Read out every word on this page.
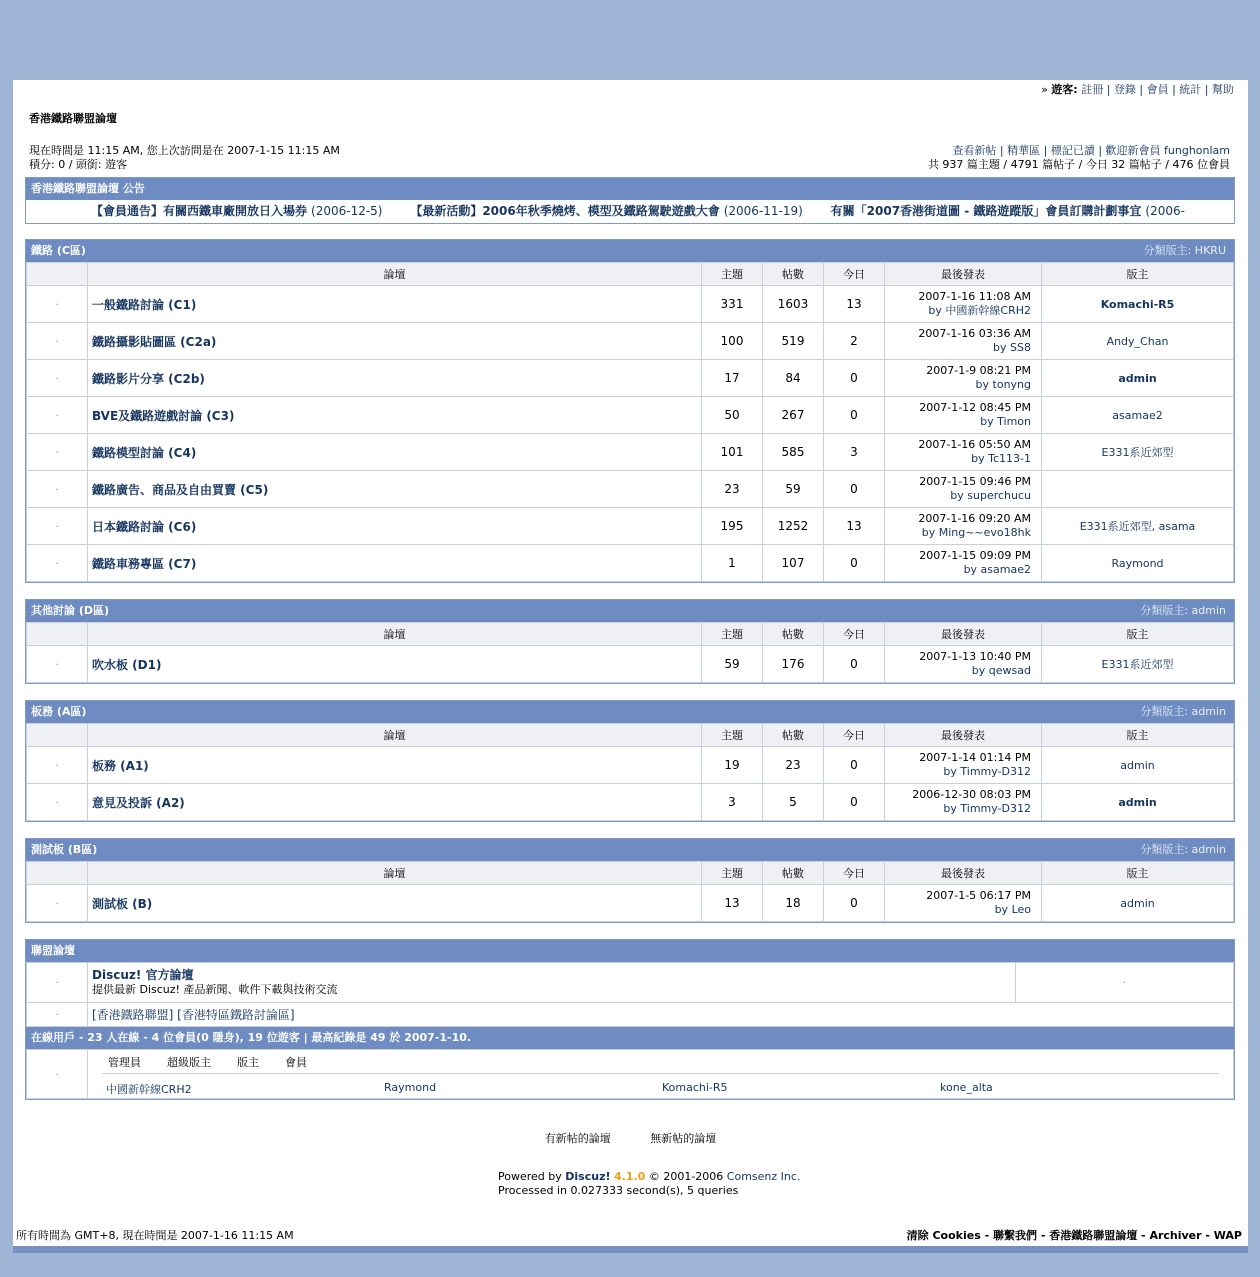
» 遊客: 註冊 | 登錄 | 會員 | 統計 | 幫助
香港鐵路聯盟論壇
現在時間是 11:15 AM, 您上次訪問是在 2007-1-15 11:15 AM
積分: 0 / 頭銜: 遊客
查看新帖 | 精華區 | 標記已讀 | 歡迎新會員 funghonlam
共 937 篇主題 / 4791 篇帖子 / 今日 32 篇帖子 / 476 位會員
香港鐵路聯盟論壇 公告
【會員通告】有關西鐵車廠開放日入場券 (2006-12-5) 【最新活動】2006年秋季燒烤、模型及鐵路駕駛遊戲大會 (2006-11-19) 有關「2007香港街道圖 - 鐵路遊蹤版」會員訂購計劃事宜 (2006-
鐵路 (C區)	分類版主: HKRU
	論壇	主題	帖數	今日	最後發表	版主
·	一般鐵路討論 (C1)	331	1603	13	2007-1-16 11:08 AM
by 中國新幹線CRH2	Komachi-R5
·	鐵路攝影貼圖區 (C2a)	100	519	2	2007-1-16 03:36 AM
by SS8	Andy_Chan
·	鐵路影片分享 (C2b)	17	84	0	2007-1-9 08:21 PM
by tonyng	admin
·	BVE及鐵路遊戲討論 (C3)	50	267	0	2007-1-12 08:45 PM
by Timon	asamae2
·	鐵路模型討論 (C4)	101	585	3	2007-1-16 05:50 AM
by Tc113-1	E331系近郊型
·	鐵路廣告、商品及自由買賣 (C5)	23	59	0	2007-1-15 09:46 PM
by superchucu	
·	日本鐵路討論 (C6)	195	1252	13	2007-1-16 09:20 AM
by Ming~~evo18hk	E331系近郊型, asama
·	鐵路車務專區 (C7)	1	107	0	2007-1-15 09:09 PM
by asamae2	Raymond
其他討論 (D區)	分類版主: admin
	論壇	主題	帖數	今日	最後發表	版主
·	吹水板 (D1)	59	176	0	2007-1-13 10:40 PM
by qewsad	E331系近郊型
板務 (A區)	分類版主: admin
	論壇	主題	帖數	今日	最後發表	版主
·	板務 (A1)	19	23	0	2007-1-14 01:14 PM
by Timmy-D312	admin
·	意見及投訴 (A2)	3	5	0	2006-12-30 08:03 PM
by Timmy-D312	admin
測試板 (B區)	分類版主: admin
	論壇	主題	帖數	今日	最後發表	版主
·	測試板 (B)	13	18	0	2007-1-5 06:17 PM
by Leo	admin
聯盟論壇
·	Discuz! 官方論壇
提供最新 Discuz! 產品新聞、軟件下載與技術交流	·
·	[香港鐵路聯盟] [香港特區鐵路討論區]	
在線用戶 - 23 人在線 - 4 位會員(0 隱身), 19 位遊客 | 最高紀錄是 49 於 2007-1-10.
·	
管理員 超級版主 版主 會員
中國新幹線CRH2	Raymond	Komachi-R5	kone_alta
有新帖的論壇	無新帖的論壇
Powered by Discuz! 4.1.0 © 2001-2006 Comsenz Inc.
Processed in 0.027333 second(s), 5 queries
所有時間為 GMT+8, 現在時間是 2007-1-16 11:15 AM	清除 Cookies - 聯繫我們 - 香港鐵路聯盟論壇 - Archiver - WAP
